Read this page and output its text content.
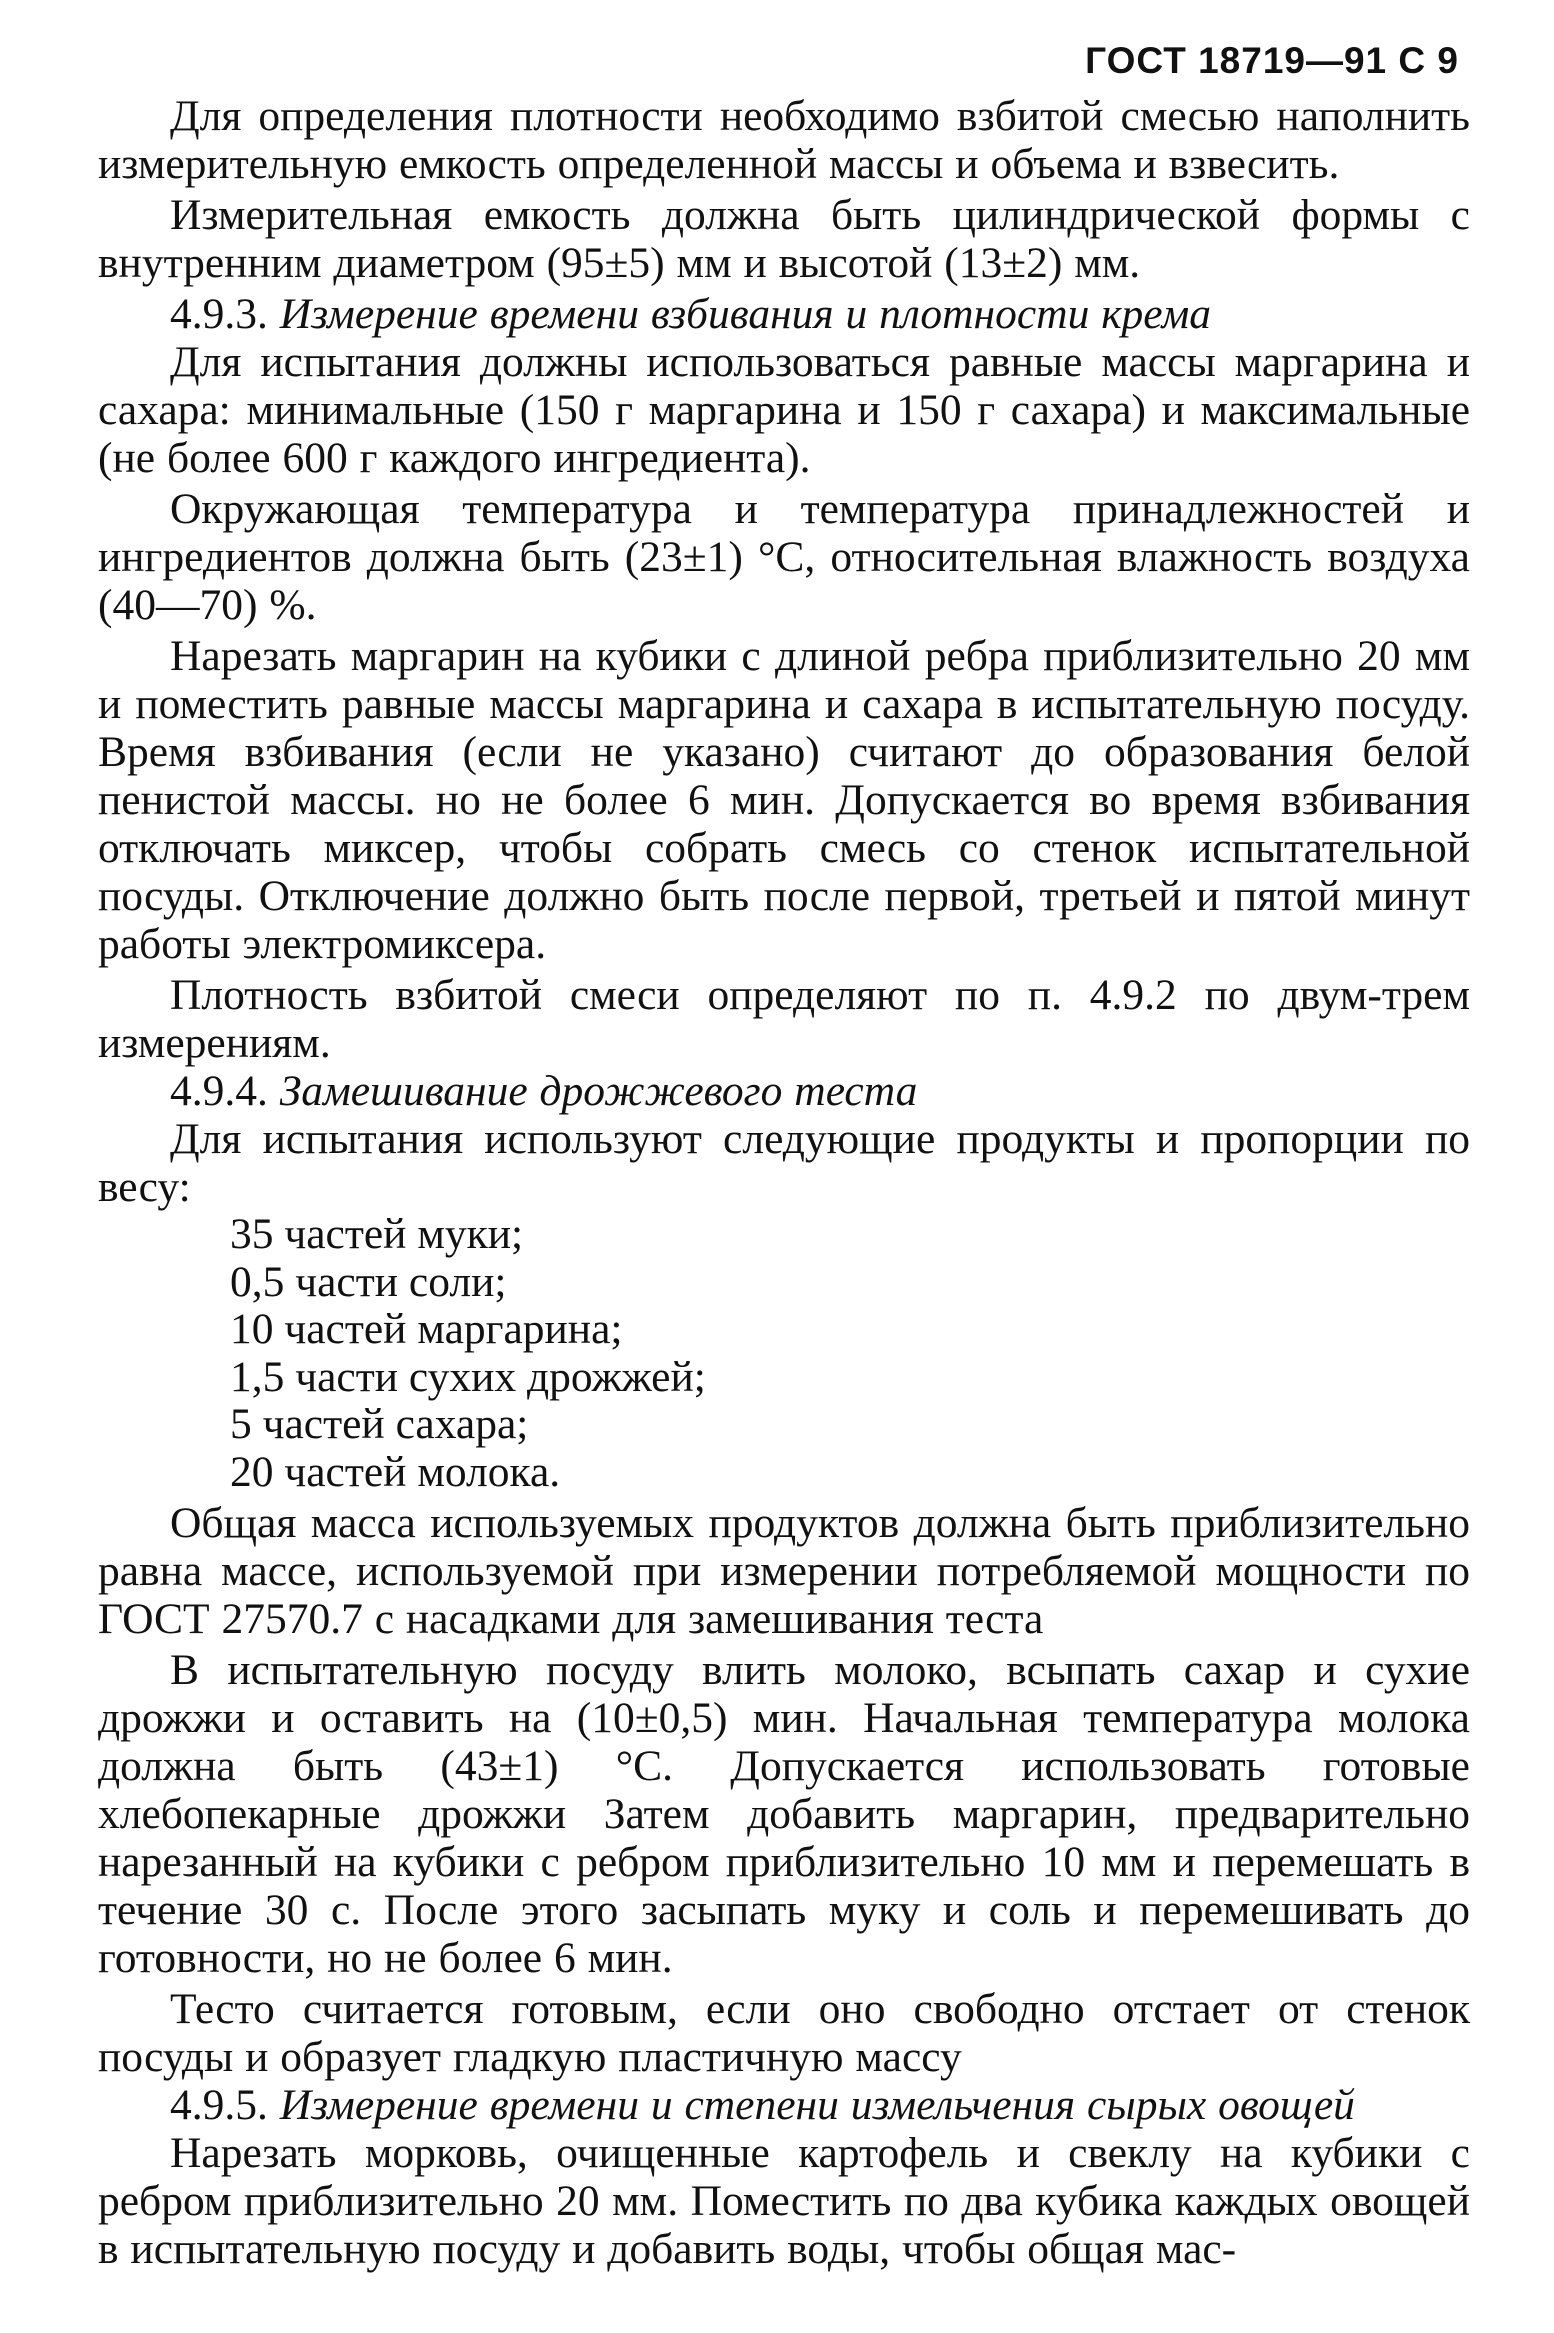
ГОСТ 18719—91 С 9

Для определения плотности необходимо взбитой смесью наполнить измерительную емкость определенной массы и объема и взвесить.

Измерительная емкость должна быть цилиндрической формы с внутренним диаметром (95±5) мм и высотой (13±2) мм.

4.9.3. Измерение времени взбивания и плотности крема

Для испытания должны использоваться равные массы маргарина и сахара: минимальные (150 г маргарина и 150 г сахара) и максимальные (не более 600 г каждого ингредиента).

Окружающая температура и температура принадлежностей и ингредиентов должна быть (23±1) °С, относительная влажность воздуха (40—70) %.

Нарезать маргарин на кубики с длиной ребра приблизительно 20 мм и поместить равные массы маргарина и сахара в испытательную посуду. Время взбивания (если не указано) считают до образования белой пенистой массы. но не более 6 мин. Допускается во время взбивания отключать миксер, чтобы собрать смесь со стенок испытательной посуды. Отключение должно быть после первой, третьей и пятой минут работы электромиксера.

Плотность взбитой смеси определяют по п. 4.9.2 по двум-трем измерениям.

4.9.4. Замешивание дрожжевого теста

Для испытания используют следующие продукты и пропорции по весу:

35 частей муки;
0,5 части соли;
10 частей маргарина;
1,5 части сухих дрожжей;
5 частей сахара;
20 частей молока.

Общая масса используемых продуктов должна быть приблизительно равна массе, используемой при измерении потребляемой мощности по ГОСТ 27570.7 с насадками для замешивания теста

В испытательную посуду влить молоко, всыпать сахар и сухие дрожжи и оставить на (10±0,5) мин. Начальная температура молока должна быть (43±1) °С. Допускается использовать готовые хлебопекарные дрожжи Затем добавить маргарин, предварительно нарезанный на кубики с ребром приблизительно 10 мм и перемешать в течение 30 с. После этого засыпать муку и соль и перемешивать до готовности, но не более 6 мин.

Тесто считается готовым, если оно свободно отстает от стенок посуды и образует гладкую пластичную массу

4.9.5. Измерение времени и степени измельчения сырых овощей

Нарезать морковь, очищенные картофель и свеклу на кубики с ребром приблизительно 20 мм. Поместить по два кубика каждых овощей в испытательную посуду и добавить воды, чтобы общая мас-
